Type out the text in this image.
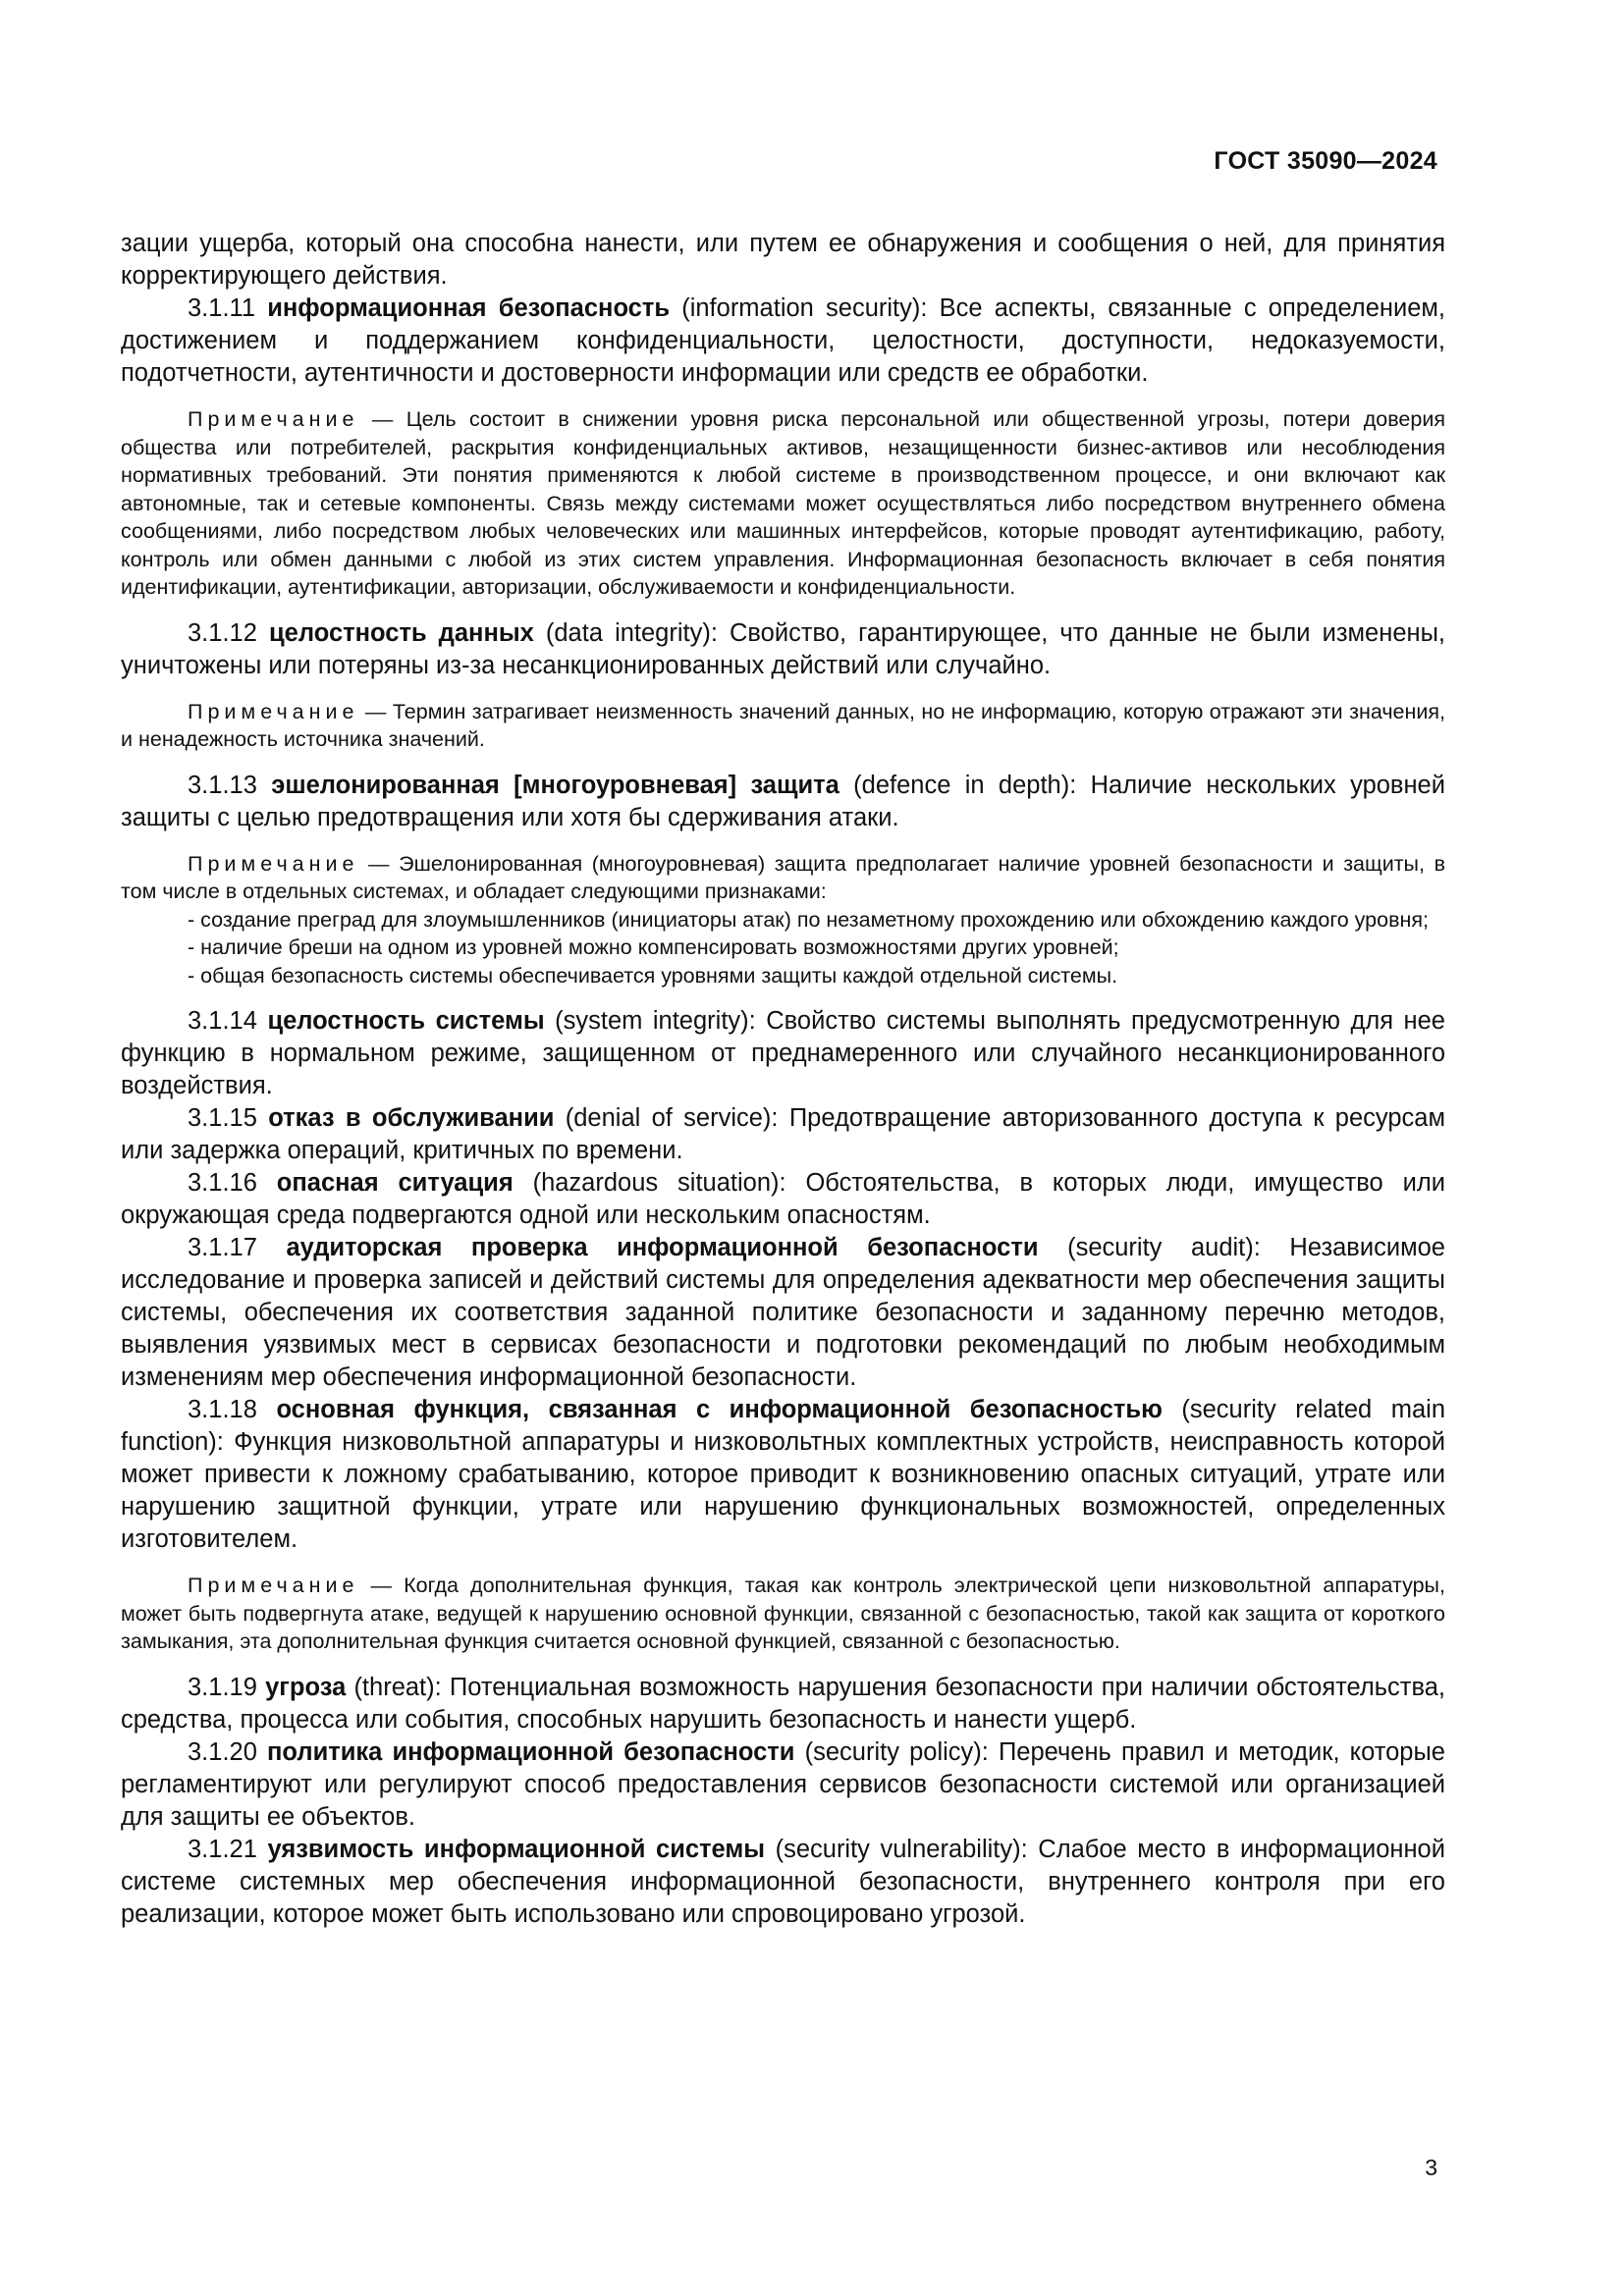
ГОСТ 35090—2024

зации ущерба, который она способна нанести, или путем ее обнаружения и сообщения о ней, для принятия корректирующего действия.

3.1.11 информационная безопасность (information security): Все аспекты, связанные с определением, достижением и поддержанием конфиденциальности, целостности, доступности, недоказуемости, подотчетности, аутентичности и достоверности информации или средств ее обработки.

Примечание — Цель состоит в снижении уровня риска персональной или общественной угрозы, потери доверия общества или потребителей, раскрытия конфиденциальных активов, незащищенности бизнес-активов или несоблюдения нормативных требований. Эти понятия применяются к любой системе в производственном процессе, и они включают как автономные, так и сетевые компоненты. Связь между системами может осуществляться либо посредством внутреннего обмена сообщениями, либо посредством любых человеческих или машинных интерфейсов, которые проводят аутентификацию, работу, контроль или обмен данными с любой из этих систем управления. Информационная безопасность включает в себя понятия идентификации, аутентификации, авторизации, обслуживаемости и конфиденциальности.

3.1.12 целостность данных (data integrity): Свойство, гарантирующее, что данные не были изменены, уничтожены или потеряны из-за несанкционированных действий или случайно.

Примечание — Термин затрагивает неизменность значений данных, но не информацию, которую отражают эти значения, и ненадежность источника значений.

3.1.13 эшелонированная [многоуровневая] защита (defence in depth): Наличие нескольких уровней защиты с целью предотвращения или хотя бы сдерживания атаки.

Примечание — Эшелонированная (многоуровневая) защита предполагает наличие уровней безопасности и защиты, в том числе в отдельных системах, и обладает следующими признаками:

- создание преград для злоумышленников (инициаторы атак) по незаметному прохождению или обхождению каждого уровня;

- наличие бреши на одном из уровней можно компенсировать возможностями других уровней;

- общая безопасность системы обеспечивается уровнями защиты каждой отдельной системы.

3.1.14 целостность системы (system integrity): Свойство системы выполнять предусмотренную для нее функцию в нормальном режиме, защищенном от преднамеренного или случайного несанкционированного воздействия.

3.1.15 отказ в обслуживании (denial of service): Предотвращение авторизованного доступа к ресурсам или задержка операций, критичных по времени.

3.1.16 опасная ситуация (hazardous situation): Обстоятельства, в которых люди, имущество или окружающая среда подвергаются одной или нескольким опасностям.

3.1.17 аудиторская проверка информационной безопасности (security audit): Независимое исследование и проверка записей и действий системы для определения адекватности мер обеспечения защиты системы, обеспечения их соответствия заданной политике безопасности и заданному перечню методов, выявления уязвимых мест в сервисах безопасности и подготовки рекомендаций по любым необходимым изменениям мер обеспечения информационной безопасности.

3.1.18 основная функция, связанная с информационной безопасностью (security related main function): Функция низковольтной аппаратуры и низковольтных комплектных устройств, неисправность которой может привести к ложному срабатыванию, которое приводит к возникновению опасных ситуаций, утрате или нарушению защитной функции, утрате или нарушению функциональных возможностей, определенных изготовителем.

Примечание — Когда дополнительная функция, такая как контроль электрической цепи низковольтной аппаратуры, может быть подвергнута атаке, ведущей к нарушению основной функции, связанной с безопасностью, такой как защита от короткого замыкания, эта дополнительная функция считается основной функцией, связанной с безопасностью.

3.1.19 угроза (threat): Потенциальная возможность нарушения безопасности при наличии обстоятельства, средства, процесса или события, способных нарушить безопасность и нанести ущерб.

3.1.20 политика информационной безопасности (security policy): Перечень правил и методик, которые регламентируют или регулируют способ предоставления сервисов безопасности системой или организацией для защиты ее объектов.

3.1.21 уязвимость информационной системы (security vulnerability): Слабое место в информационной системе системных мер обеспечения информационной безопасности, внутреннего контроля при его реализации, которое может быть использовано или спровоцировано угрозой.

3
